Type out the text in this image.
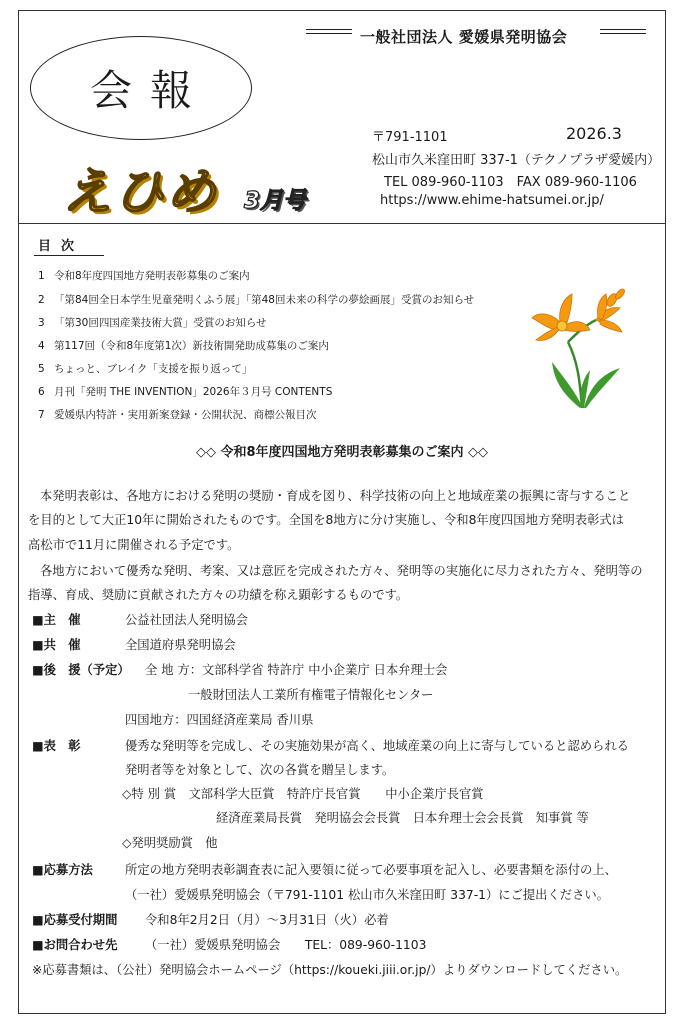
一般社団法人 愛媛県発明協会
会報
えひめ 3月号
〒791-1101	2026.3
松山市久米窪田町 337-1（テクノプラザ愛媛内）
TEL 089-960-1103　FAX 089-960-1106
https://www.ehime-hatsumei.or.jp/
目次
1 令和8年度四国地方発明表彰募集のご案内
2 「第84回全日本学生児童発明くふう展」「第48回未来の科学の夢絵画展」受賞のお知らせ
3 「第30回四国産業技術大賞」受賞のお知らせ
4 第117回（令和8年度第1次）新技術開発助成募集のご案内
5 ちょっと、ブレイク「支援を振り返って」
6 月刊「発明 THE INVENTION」2026年３月号 CONTENTS
7 愛媛県内特許・実用新案登録・公開状況、商標公報目次
◇◇ 令和8年度四国地方発明表彰募集のご案内 ◇◇
本発明表彰は、各地方における発明の奨励・育成を図り、科学技術の向上と地域産業の振興に寄与すること
を目的として大正10年に開始されたものです。全国を8地方に分け実施し、令和8年度四国地方発明表彰式は
高松市で11月に開催される予定です。
各地方において優秀な発明、考案、又は意匠を完成された方々、発明等の実施化に尽力された方々、発明等の
指導、育成、奨励に貢献された方々の功績を称え顕彰するものです。
■主　催	公益社団法人発明協会
■共　催	全国道府県発明協会
■後　援（予定） 全 地 方：文部科学省 特許庁 中小企業庁 日本弁理士会
一般財団法人工業所有権電子情報化センター
四国地方：四国経済産業局 香川県
■表　彰	優秀な発明等を完成し、その実施効果が高く、地域産業の向上に寄与していると認められる
発明者等を対象として、次の各賞を贈呈します。
◇特 別 賞　文部科学大臣賞　特許庁長官賞　　中小企業庁長官賞
経済産業局長賞　発明協会会長賞　日本弁理士会会長賞　知事賞 等
◇発明奨励賞　他
■応募方法	所定の地方発明表彰調査表に記入要領に従って必要事項を記入し、必要書類を添付の上、
（一社）愛媛県発明協会（〒791-1101 松山市久米窪田町 337-1）にご提出ください。
■応募受付期間 令和8年2月2日（月）～3月31日（火）必着
■お問合わせ先 （一社）愛媛県発明協会　　TEL：089-960-1103
※応募書類は、（公社）発明協会ホームページ（https://koueki.jiii.or.jp/）よりダウンロードしてください。
